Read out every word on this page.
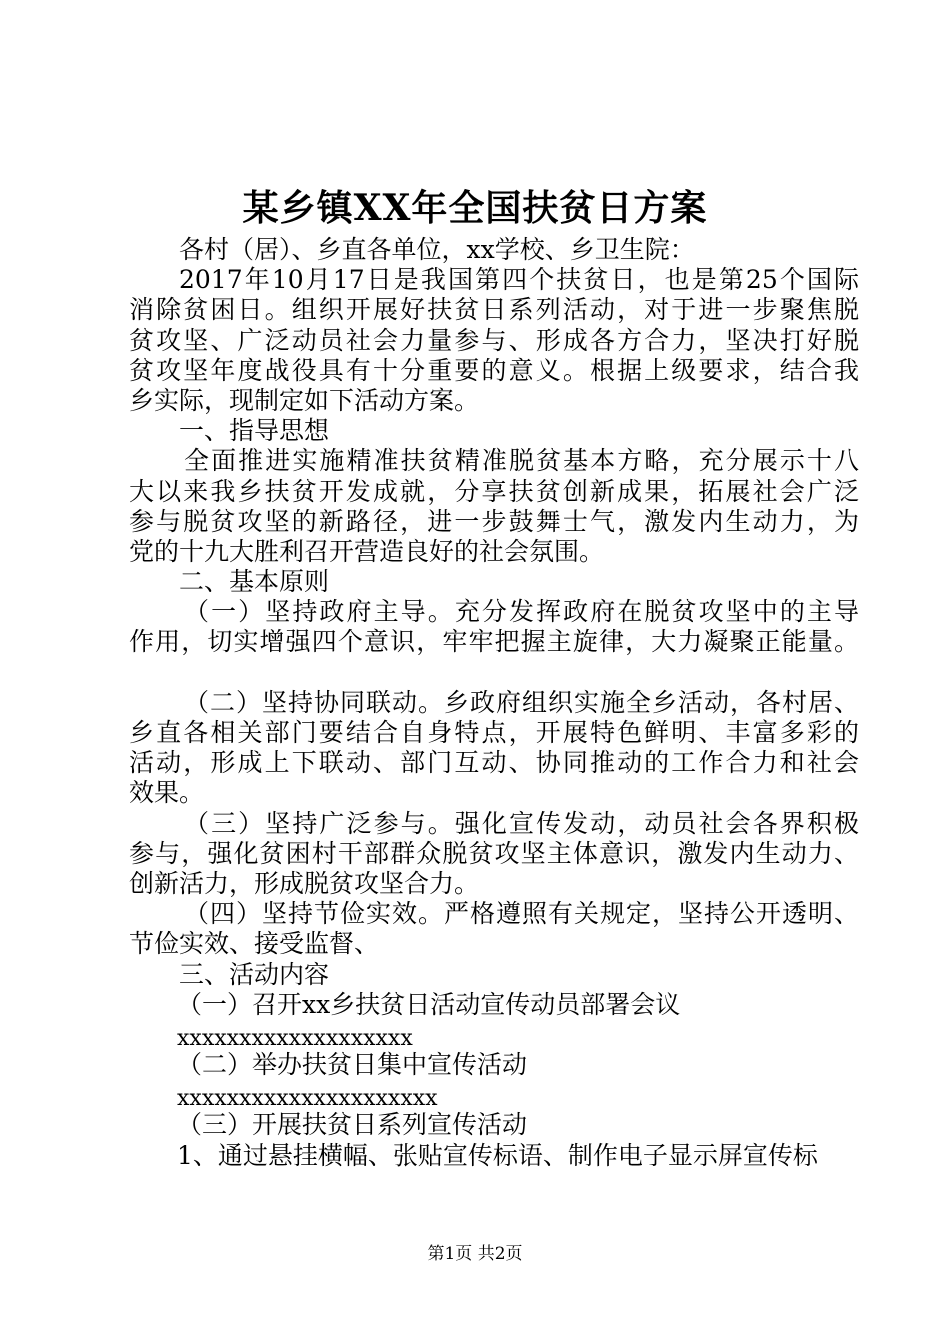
某乡镇XX年全国扶贫日方案
各村（居）、乡直各单位，xx学校、乡卫生院：
2017年10月17日是我国第四个扶贫日，也是第25个国际
消除贫困日。组织开展好扶贫日系列活动，对于进一步聚焦脱
贫攻坚、广泛动员社会力量参与、形成各方合力，坚决打好脱
贫攻坚年度战役具有十分重要的意义。根据上级要求，结合我
乡实际，现制定如下活动方案。
一、指导思想
全面推进实施精准扶贫精准脱贫基本方略，充分展示十八
大以来我乡扶贫开发成就，分享扶贫创新成果，拓展社会广泛
参与脱贫攻坚的新路径，进一步鼓舞士气，激发内生动力，为
党的十九大胜利召开营造良好的社会氛围。
二、基本原则
（一）坚持政府主导。充分发挥政府在脱贫攻坚中的主导
作用，切实增强四个意识，牢牢把握主旋律，大力凝聚正能量。
（二）坚持协同联动。乡政府组织实施全乡活动，各村居、
乡直各相关部门要结合自身特点，开展特色鲜明、丰富多彩的
活动，形成上下联动、部门互动、协同推动的工作合力和社会
效果。
（三）坚持广泛参与。强化宣传发动，动员社会各界积极
参与，强化贫困村干部群众脱贫攻坚主体意识，激发内生动力、
创新活力，形成脱贫攻坚合力。
（四）坚持节俭实效。严格遵照有关规定，坚持公开透明、
节俭实效、接受监督、
三、活动内容
（一）召开xx乡扶贫日活动宣传动员部署会议
xxxxxxxxxxxxxxxxxxx
（二）举办扶贫日集中宣传活动
xxxxxxxxxxxxxxxxxxxxx
（三）开展扶贫日系列宣传活动
1、通过悬挂横幅、张贴宣传标语、制作电子显示屏宣传标
第1页 共2页
